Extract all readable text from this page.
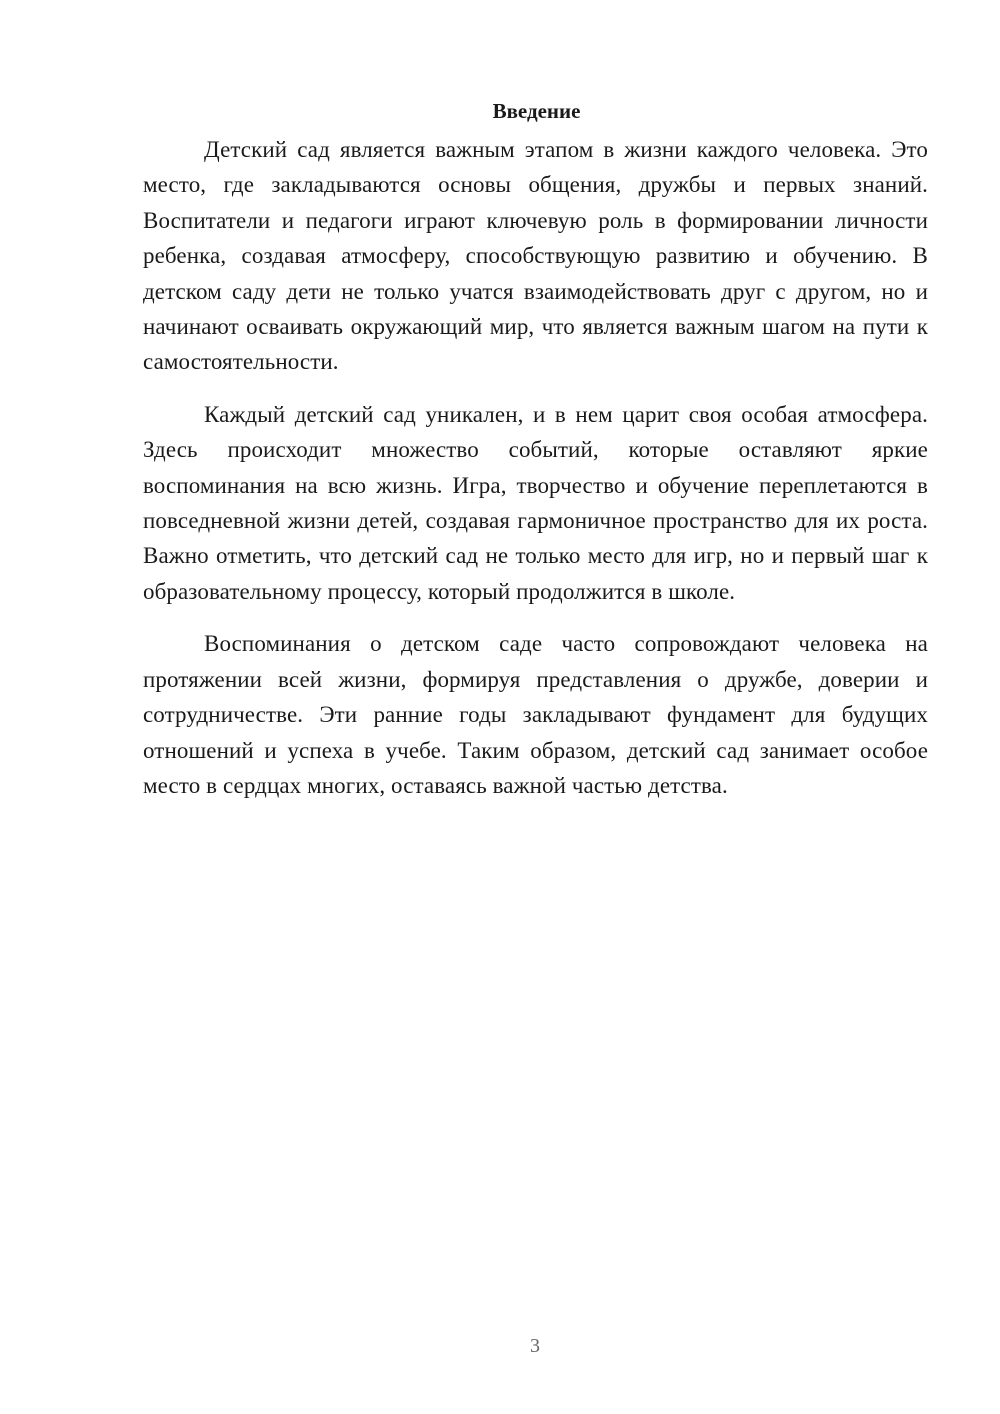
Введение

Детский сад является важным этапом в жизни каждого человека. Это место, где закладываются основы общения, дружбы и первых знаний. Воспитатели и педагоги играют ключевую роль в формировании личности ребенка, создавая атмосферу, способствующую развитию и обучению. В детском саду дети не только учатся взаимодействовать друг с другом, но и начинают осваивать окружающий мир, что является важным шагом на пути к самостоятельности.

Каждый детский сад уникален, и в нем царит своя особая атмосфера. Здесь происходит множество событий, которые оставляют яркие воспоминания на всю жизнь. Игра, творчество и обучение переплетаются в повседневной жизни детей, создавая гармоничное пространство для их роста. Важно отметить, что детский сад не только место для игр, но и первый шаг к образовательному процессу, который продолжится в школе.

Воспоминания о детском саде часто сопровождают человека на протяжении всей жизни, формируя представления о дружбе, доверии и сотрудничестве. Эти ранние годы закладывают фундамент для будущих отношений и успеха в учебе. Таким образом, детский сад занимает особое место в сердцах многих, оставаясь важной частью детства.

3
